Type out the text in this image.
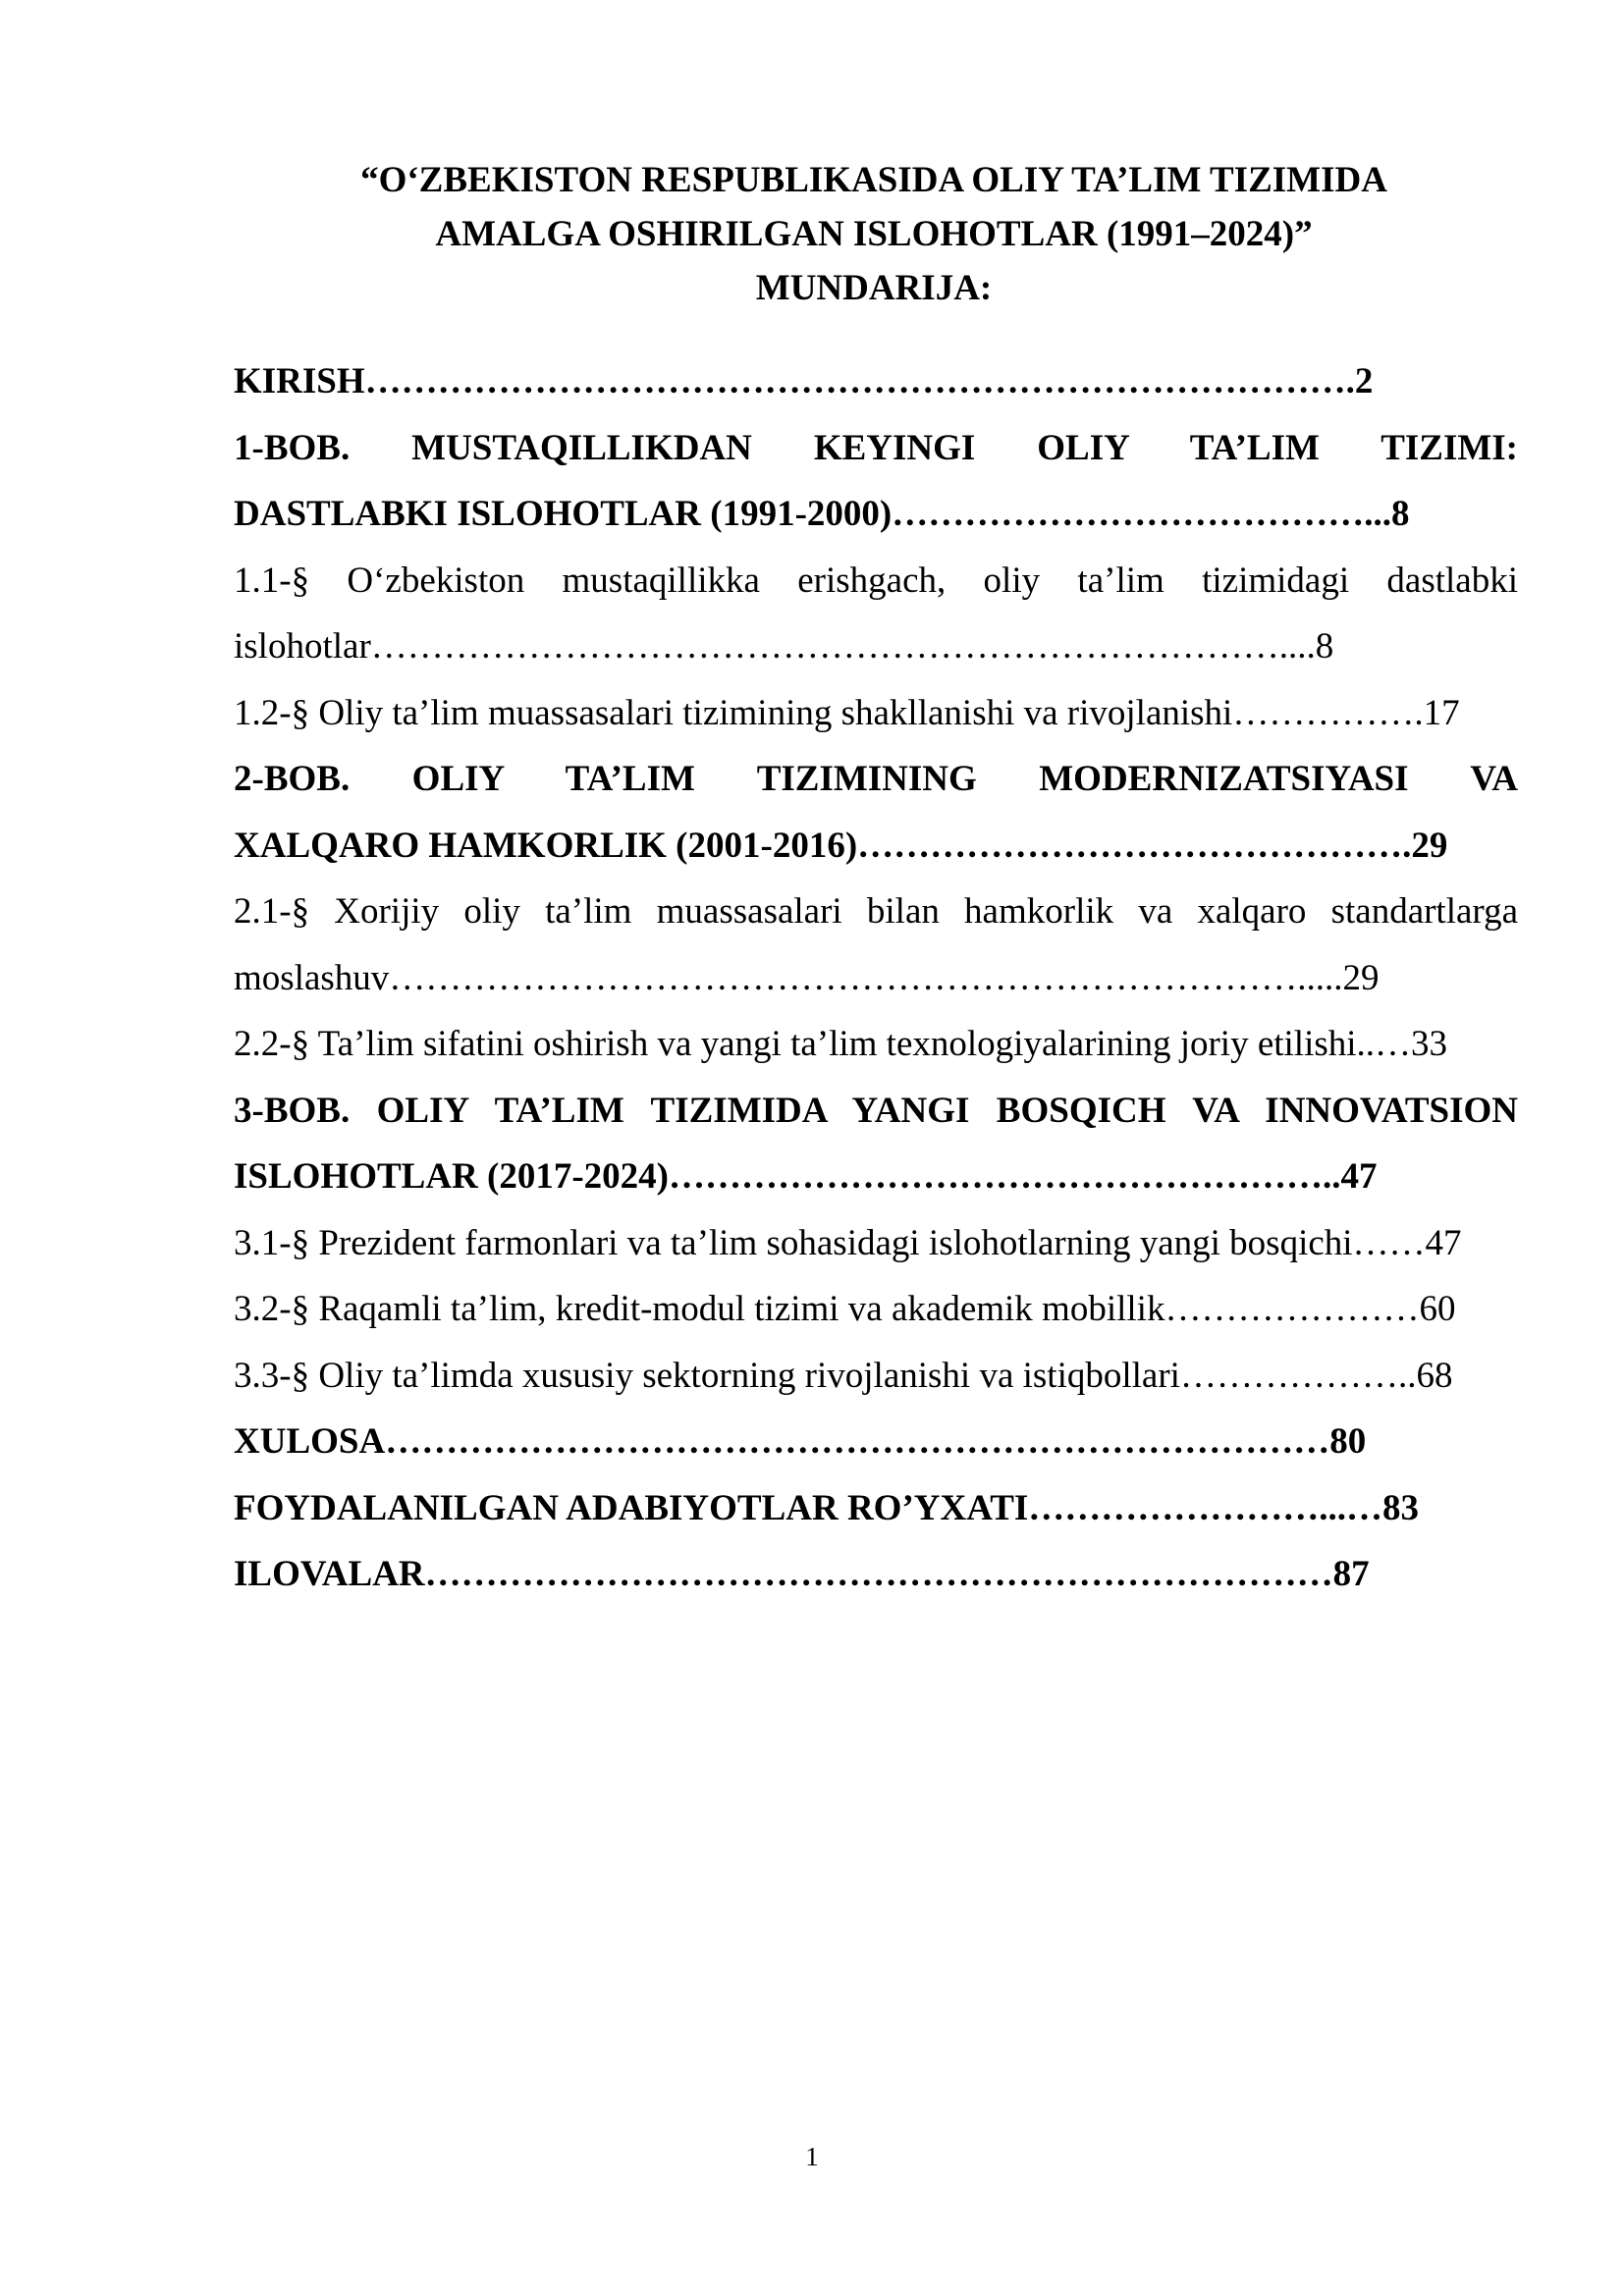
“O‘ZBEKISTON RESPUBLIKASIDA OLIY TA’LIM TIZIMIDA
AMALGA OSHIRILGAN ISLOHOTLAR (1991–2024)”
MUNDARIJA:
KIRISH……………………………………………………………………….2
1-BOB. MUSTAQILLIKDAN KEYINGI OLIY TA’LIM TIZIMI:
DASTLABKI ISLOHOTLAR (1991-2000)…………………………………...8
1.1-§ O‘zbekiston mustaqillikka erishgach, oliy ta’lim tizimidagi dastlabki
islohotlar…………………………………………………………………....8
1.2-§ Oliy ta’lim muassasalari tizimining shakllanishi va rivojlanishi…………….17
2-BOB. OLIY TA’LIM TIZIMINING MODERNIZATSIYASI VA
XALQARO HAMKORLIK (2001-2016)……………………………………….29
2.1-§ Xorijiy oliy ta’lim muassasalari bilan hamkorlik va xalqaro standartlarga
moslashuv………………………………………………………………….....29
2.2-§ Ta’lim sifatini oshirish va yangi ta’lim texnologiyalarining joriy etilishi..…33
3-BOB. OLIY TA’LIM TIZIMIDA YANGI BOSQICH VA INNOVATSION
ISLOHOTLAR (2017-2024)………………………………………………..47
3.1-§ Prezident farmonlari va ta’lim sohasidagi islohotlarning yangi bosqichi……47
3.2-§ Raqamli ta’lim, kredit-modul tizimi va akademik mobillik…………………60
3.3-§ Oliy ta’limda xususiy sektorning rivojlanishi va istiqbollari………………..68
XULOSA……………………………………………………………………80
FOYDALANILGAN ADABIYOTLAR RO’YXATI……………………...…83
ILOVALAR…………………………………………………………………87
1
